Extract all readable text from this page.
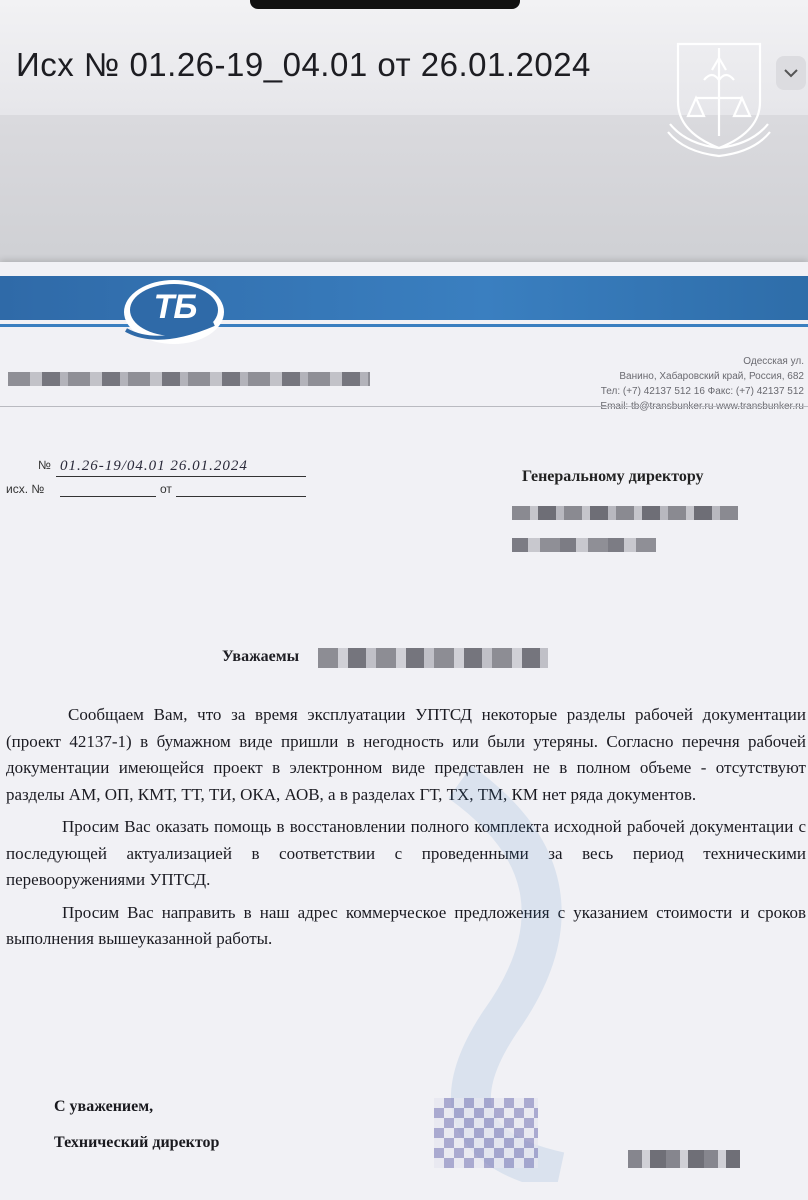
Исх № 01.26-19_04.01 от 26.01.2024
ТБ
Одесская ул.
Ванино, Хабаровский край, Россия, 682
Тел: (+7) 42137 512 16 Факс: (+7) 42137 512
№ 01.26-19/04.01 26.01.2024
исх. №	от
Генеральному директору
Уважаемы

Сообщаем Вам, что за время эксплуатации УПТСД некоторые разделы рабочей документации (проект 42137-1) в бумажном виде пришли в негодность или были утеряны. Согласно перечня рабочей документации имеющейся проект в электронном виде представлен не в полном объеме - отсутствуют разделы АМ, ОП, КМТ, ТТ, ТИ, ОКА, АОВ, а в разделах ГТ, ТХ, ТМ, КМ нет ряда документов.

Просим Вас оказать помощь в восстановлении полного комплекта исходной рабочей документации с последующей актуализацией в соответствии с проведенными за весь период техническими перевооружениями УПТСД.

Просим Вас направить в наш адрес коммерческое предложения с указанием стоимости и сроков выполнения вышеуказанной работы.

С уважением,
Технический директор
